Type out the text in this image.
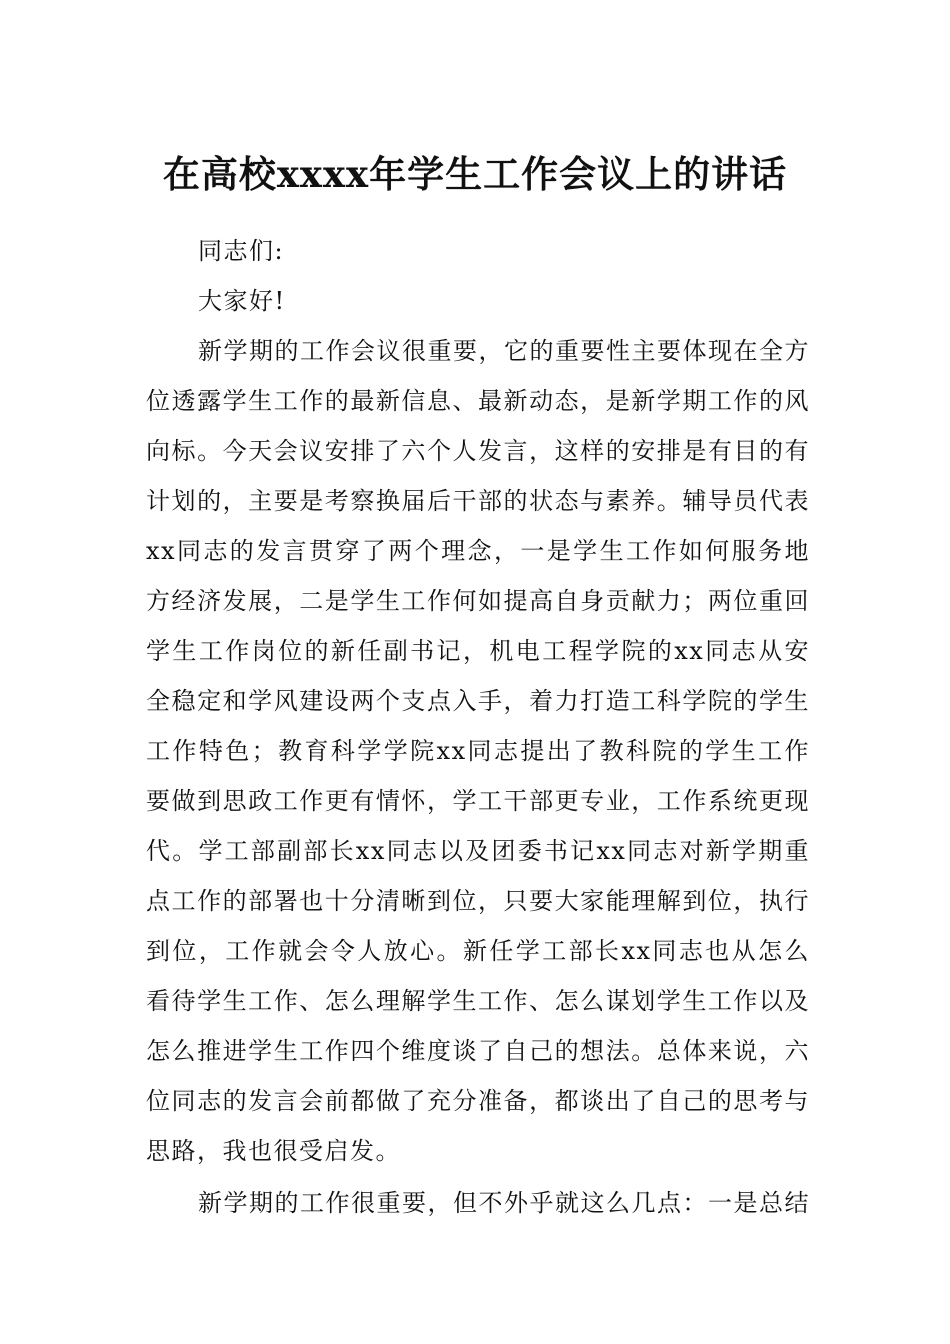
在高校xxxx年学生工作会议上的讲话

同志们:

大家好!

新学期的工作会议很重要，它的重要性主要体现在全方位透露学生工作的最新信息、最新动态，是新学期工作的风向标。今天会议安排了六个人发言，这样的安排是有目的有计划的，主要是考察换届后干部的状态与素养。辅导员代表xx同志的发言贯穿了两个理念，一是学生工作如何服务地方经济发展，二是学生工作何如提高自身贡献力；两位重回学生工作岗位的新任副书记，机电工程学院的xx同志从安全稳定和学风建设两个支点入手，着力打造工科学院的学生工作特色；教育科学学院xx同志提出了教科院的学生工作要做到思政工作更有情怀，学工干部更专业，工作系统更现代。学工部副部长xx同志以及团委书记xx同志对新学期重点工作的部署也十分清晰到位，只要大家能理解到位，执行到位，工作就会令人放心。新任学工部长xx同志也从怎么看待学生工作、怎么理解学生工作、怎么谋划学生工作以及怎么推进学生工作四个维度谈了自己的想法。总体来说，六位同志的发言会前都做了充分准备，都谈出了自己的思考与思路，我也很受启发。

新学期的工作很重要，但不外乎就这么几点：一是总结
